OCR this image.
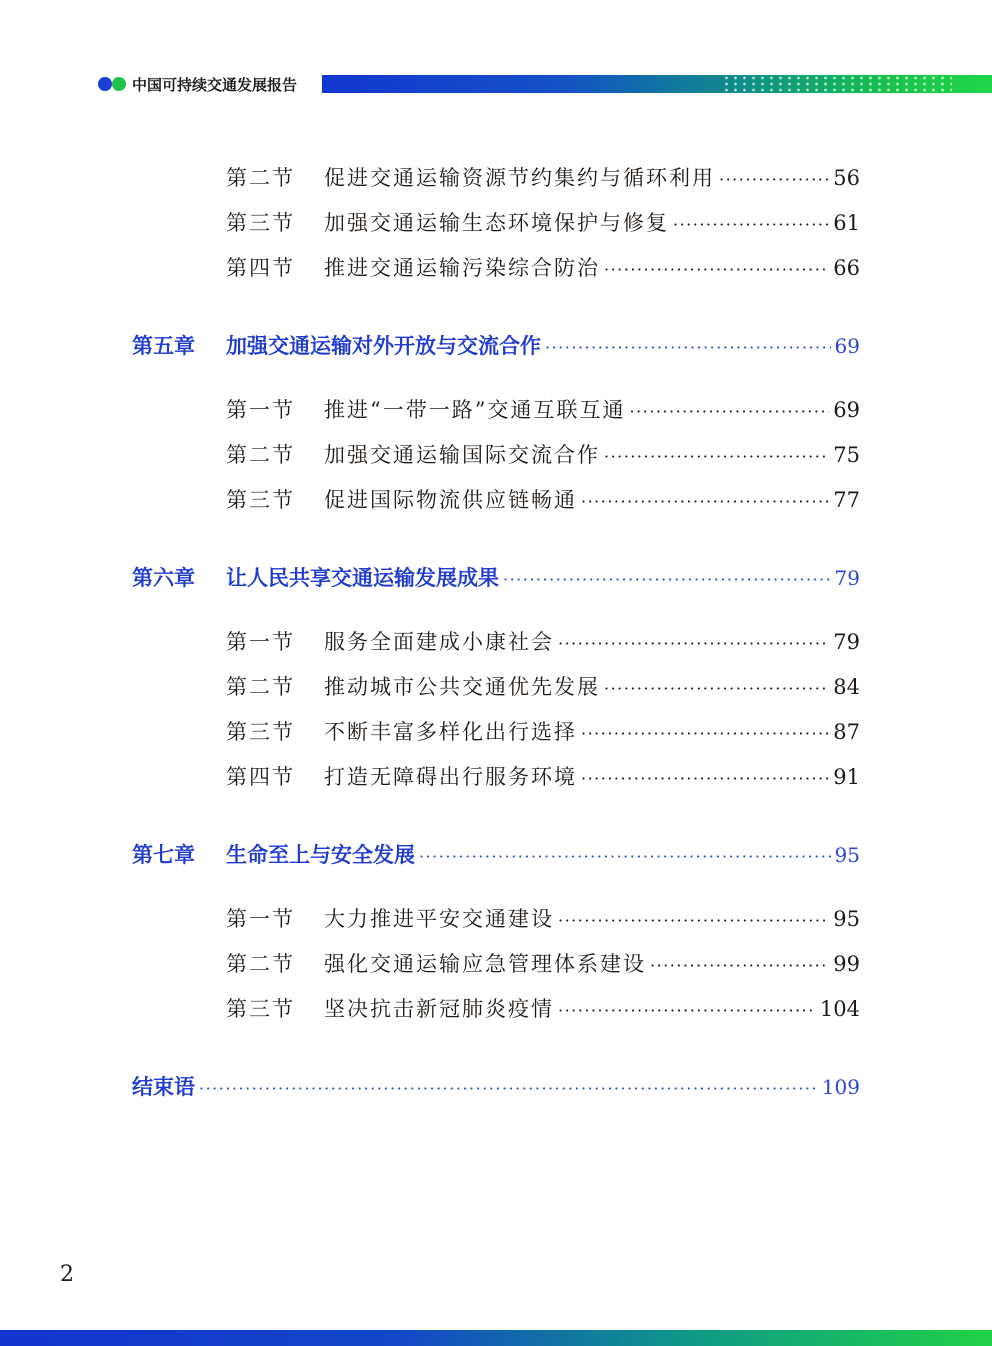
中国可持续交通发展报告
第二节	促进交通运输资源节约集约与循环利用 ·····	56
第三节	加强交通运输生态环境保护与修复 ·····	61
第四节	推进交通运输污染综合防治 ·····	66
第五章	加强交通运输对外开放与交流合作 ·····	69
第一节	推进“一带一路”交通互联互通 ·····	69
第二节	加强交通运输国际交流合作 ·····	75
第三节	促进国际物流供应链畅通 ·····	77
第六章	让人民共享交通运输发展成果 ·····	79
第一节	服务全面建成小康社会 ·····	79
第二节	推动城市公共交通优先发展 ·····	84
第三节	不断丰富多样化出行选择 ·····	87
第四节	打造无障碍出行服务环境 ·····	91
第七章	生命至上与安全发展 ·····	95
第一节	大力推进平安交通建设 ·····	95
第二节	强化交通运输应急管理体系建设 ·····	99
第三节	坚决抗击新冠肺炎疫情 ·····	104
结束语 ·····	109
2
